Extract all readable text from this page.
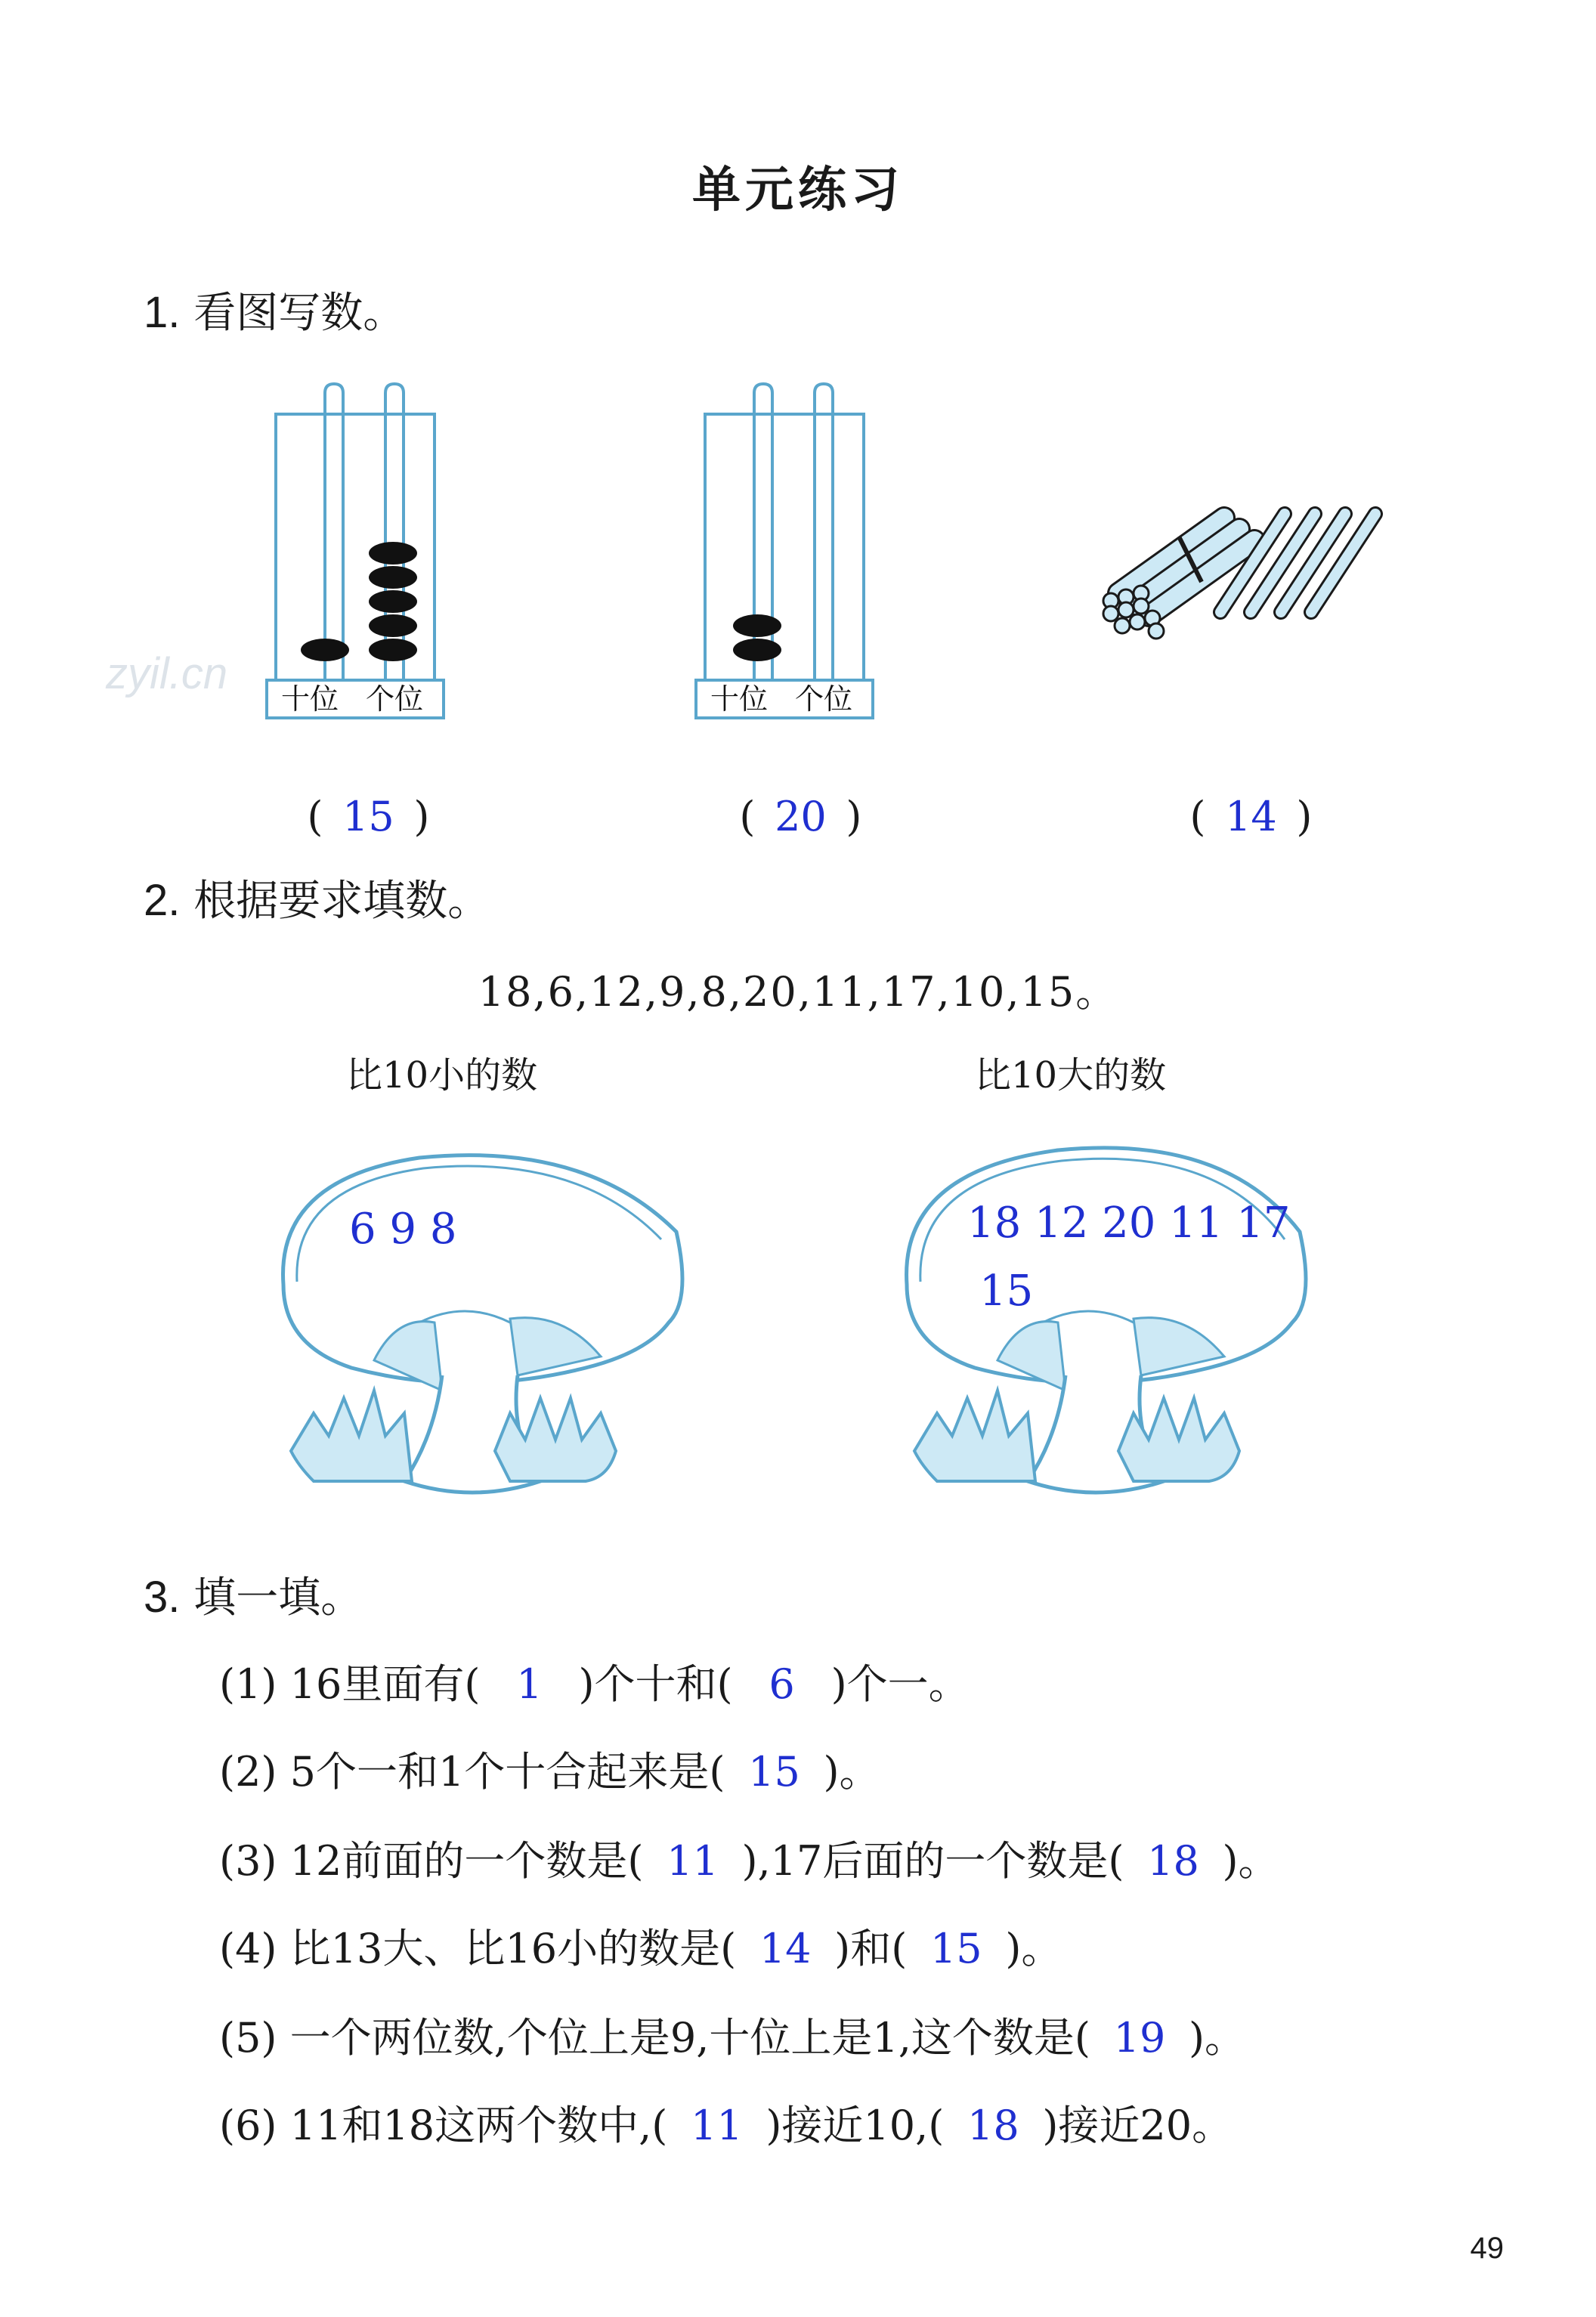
单元练习
1. 看图写数。
zyil.cn
十位 个位	十位 个位

( 15 )	( 20 )	( 14 )

2. 根据要求填数。
18,6,12,9,8,20,11,17,10,15。
比10小的数	比10大的数
6 9 8	18 12 20 11 17
15
3. 填一填。
(1) 16里面有( 1 )个十和( 6 )个一。
(2) 5个一和1个十合起来是( 15 )。
(3) 12前面的一个数是( 11 ),17后面的一个数是( 18 )。
(4) 比13大、比16小的数是( 14 )和( 15 )。
(5) 一个两位数,个位上是9,十位上是1,这个数是( 19 )。
(6) 11和18这两个数中,( 11 )接近10,( 18 )接近20。
49
